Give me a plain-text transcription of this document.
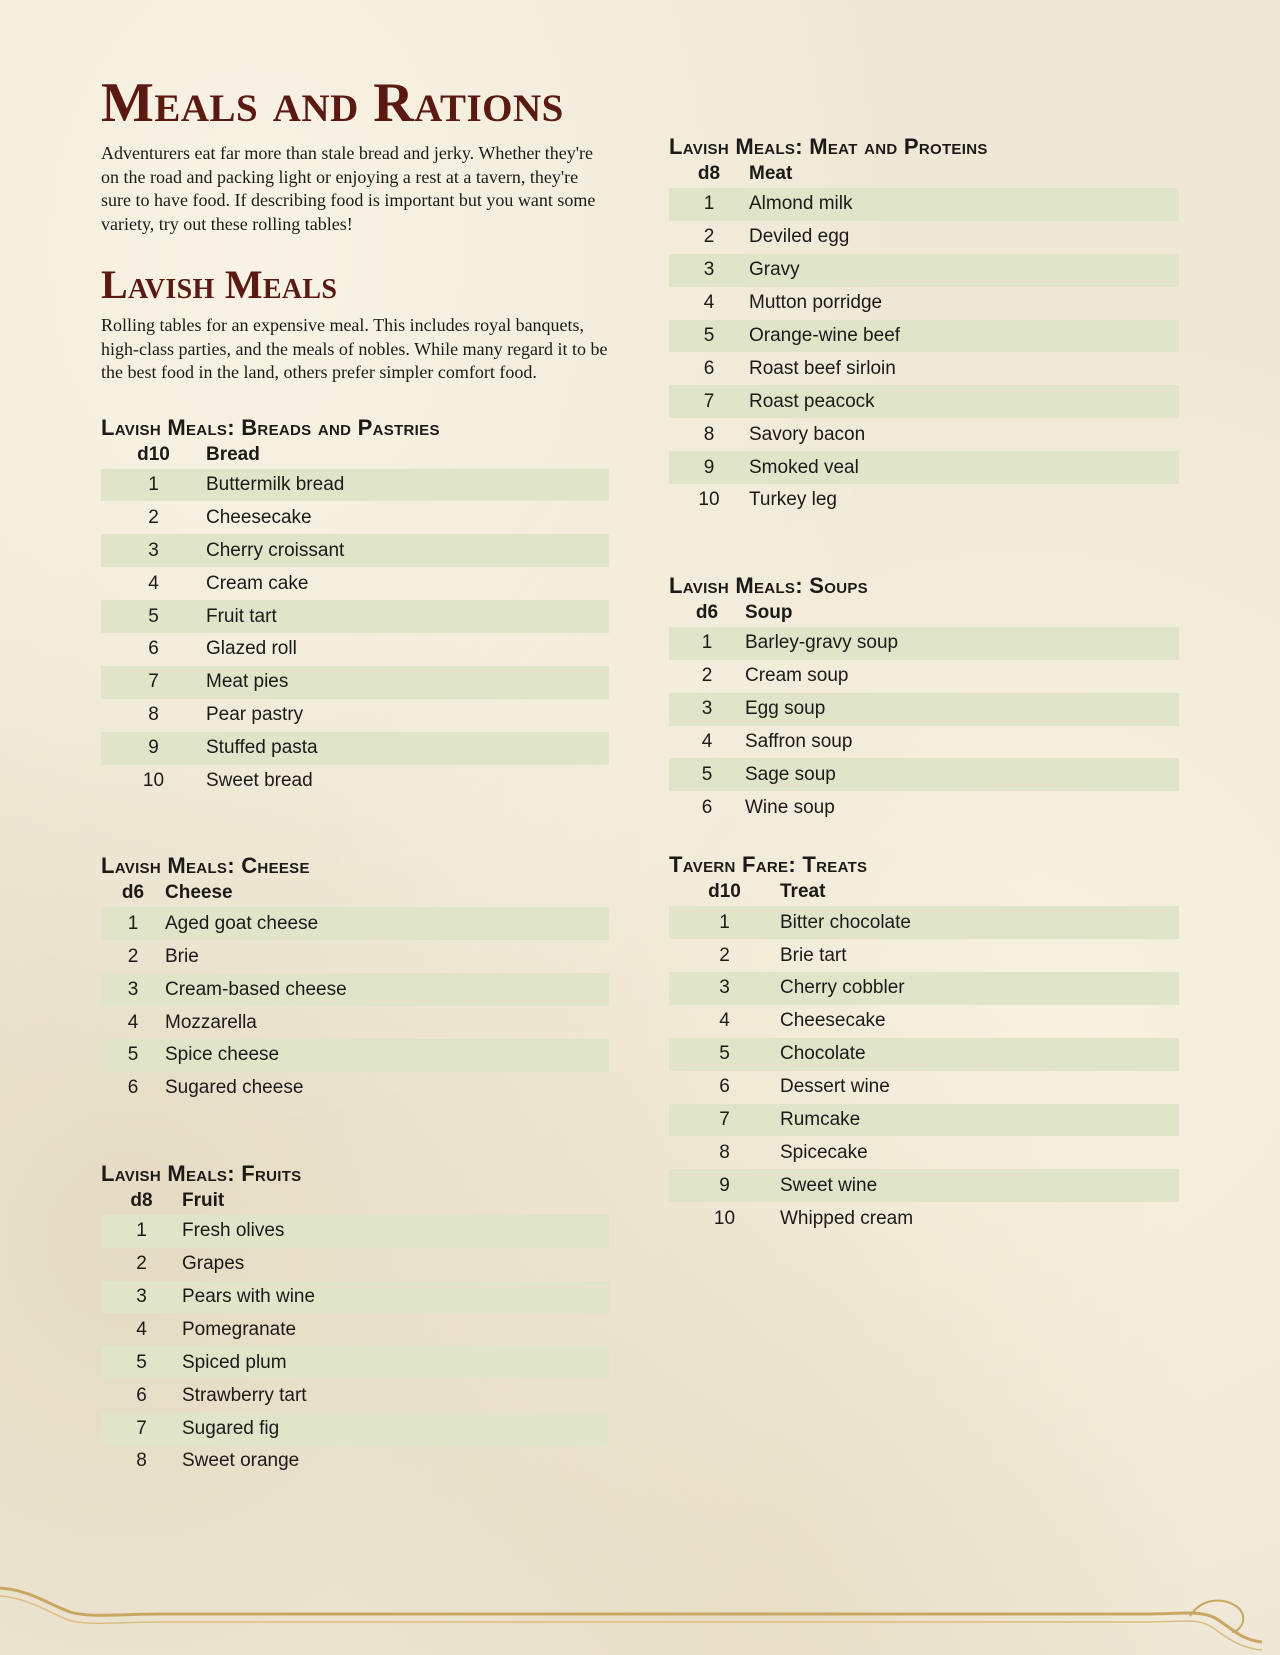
Meals and Rations

Adventurers eat far more than stale bread and jerky. Whether they're on the road and packing light or enjoying a rest at a tavern, they're sure to have food. If describing food is important but you want some variety, try out these rolling tables!

Lavish Meals

Rolling tables for an expensive meal. This includes royal banquets, high-class parties, and the meals of nobles. While many regard it to be the best food in the land, others prefer simpler comfort food.

Lavish Meals: Breads and Pastries
d10	Bread
1	Buttermilk bread
2	Cheesecake
3	Cherry croissant
4	Cream cake
5	Fruit tart
6	Glazed roll
7	Meat pies
8	Pear pastry
9	Stuffed pasta
10	Sweet bread
Lavish Meals: Cheese
d6	Cheese
1	Aged goat cheese
2	Brie
3	Cream-based cheese
4	Mozzarella
5	Spice cheese
6	Sugared cheese
Lavish Meals: Fruits
d8	Fruit
1	Fresh olives
2	Grapes
3	Pears with wine
4	Pomegranate
5	Spiced plum
6	Strawberry tart
7	Sugared fig
8	Sweet orange
Lavish Meals: Meat and Proteins
d8	Meat
1	Almond milk
2	Deviled egg
3	Gravy
4	Mutton porridge
5	Orange-wine beef
6	Roast beef sirloin
7	Roast peacock
8	Savory bacon
9	Smoked veal
10	Turkey leg
Lavish Meals: Soups
d6	Soup
1	Barley-gravy soup
2	Cream soup
3	Egg soup
4	Saffron soup
5	Sage soup
6	Wine soup
Tavern Fare: Treats
d10	Treat
1	Bitter chocolate
2	Brie tart
3	Cherry cobbler
4	Cheesecake
5	Chocolate
6	Dessert wine
7	Rumcake
8	Spicecake
9	Sweet wine
10	Whipped cream
